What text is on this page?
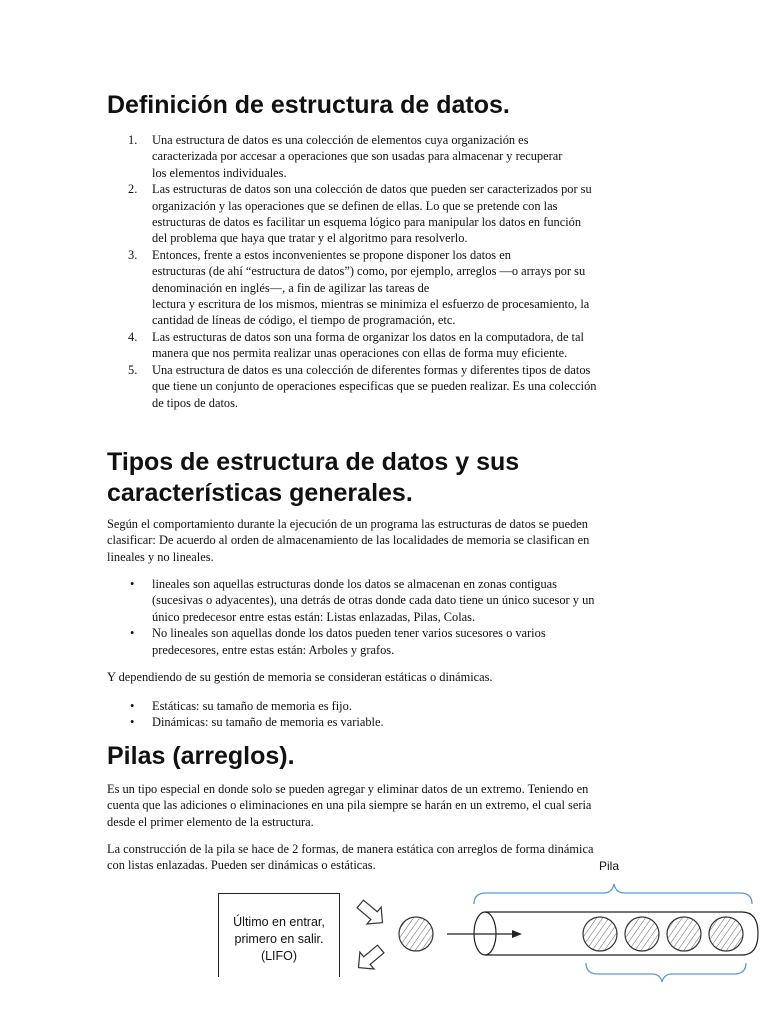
Definición de estructura de datos.
1. Una estructura de datos es una colección de elementos cuya organización es
caracterizada por accesar a operaciones que son usadas para almacenar y recuperar
los elementos individuales.
2. Las estructuras de datos son una colección de datos que pueden ser caracterizados por su
organización y las operaciones que se definen de ellas. Lo que se pretende con las
estructuras de datos es facilitar un esquema lógico para manipular los datos en función
del problema que haya que tratar y el algoritmo para resolverlo.
3. Entonces, frente a estos inconvenientes se propone disponer los datos en
estructuras (de ahí “estructura de datos”) como, por ejemplo, arreglos —o arrays por su
denominación en inglés—, a fin de agilizar las tareas de
lectura y escritura de los mismos, mientras se minimiza el esfuerzo de procesamiento, la
cantidad de líneas de código, el tiempo de programación, etc.
4. Las estructuras de datos son una forma de organizar los datos en la computadora, de tal
manera que nos permita realizar unas operaciones con ellas de forma muy eficiente.
5. Una estructura de datos es una colección de diferentes formas y diferentes tipos de datos
que tiene un conjunto de operaciones especificas que se pueden realizar. Es una colección
de tipos de datos.
Tipos de estructura de datos y sus
características generales.
Según el comportamiento durante la ejecución de un programa las estructuras de datos se pueden
clasificar: De acuerdo al orden de almacenamiento de las localidades de memoria se clasifican en
lineales y no lineales.
• lineales son aquellas estructuras donde los datos se almacenan en zonas contiguas
(sucesivas o adyacentes), una detrás de otras donde cada dato tiene un único sucesor y un
único predecesor entre estas están: Listas enlazadas, Pilas, Colas.
• No lineales son aquellas donde los datos pueden tener varios sucesores o varios
predecesores, entre estas están: Arboles y grafos.
Y dependiendo de su gestión de memoria se consideran estáticas o dinámicas.
• Estáticas: su tamaño de memoria es fijo.
• Dinámicas: su tamaño de memoria es variable.
Pilas (arreglos).
Es un tipo especial en donde solo se pueden agregar y eliminar datos de un extremo. Teniendo en
cuenta que las adiciones o eliminaciones en una pila siempre se harán en un extremo, el cual seria
desde el primer elemento de la estructura.
La construcción de la pila se hace de 2 formas, de manera estática con arreglos de forma dinámica
con listas enlazadas. Pueden ser dinámicas o estáticas.	Pila
Último en entrar,
primero en salir.
(LIFO)
